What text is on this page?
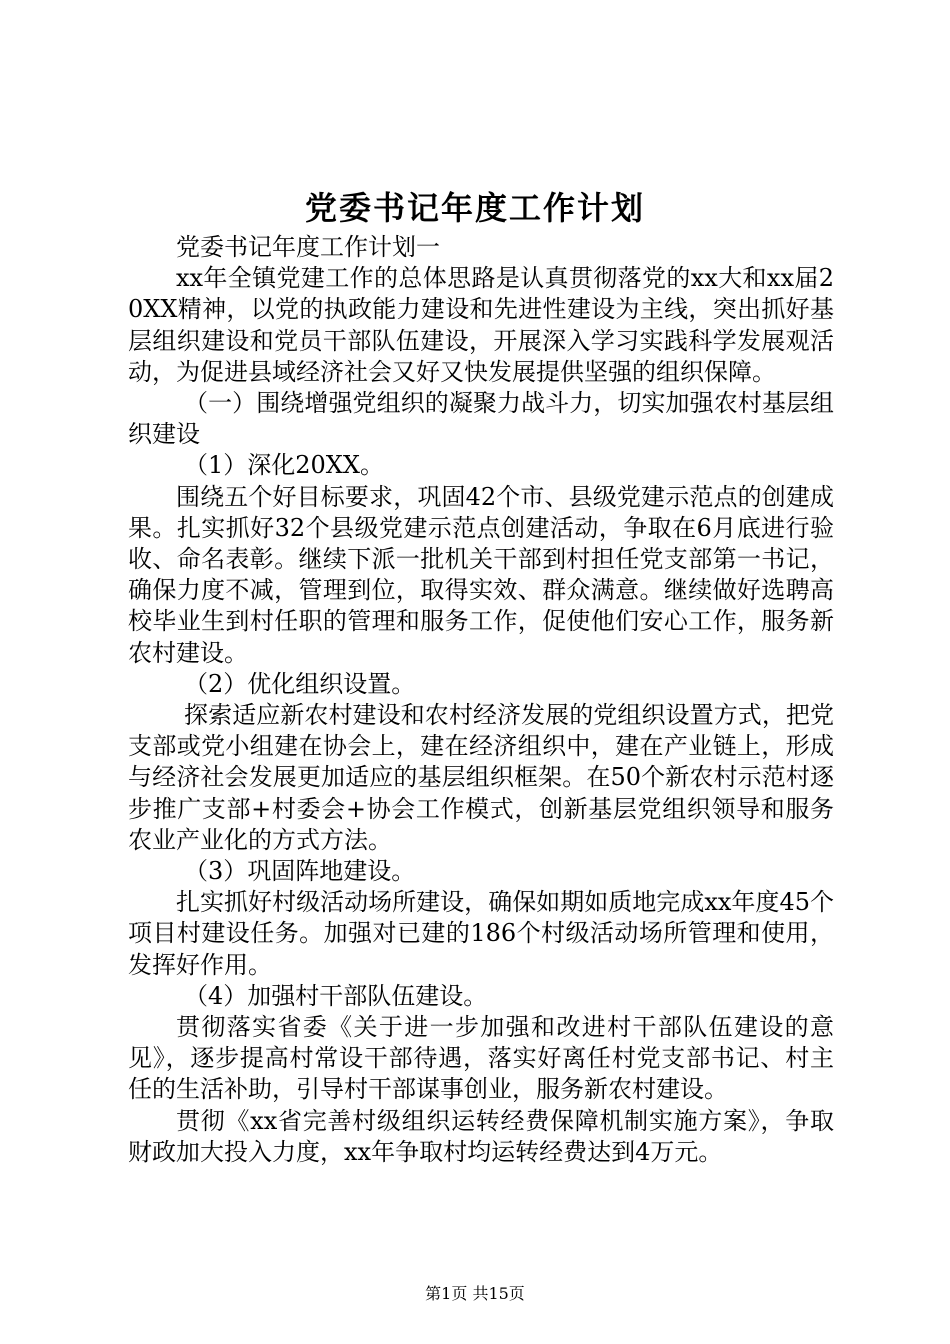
党委书记年度工作计划

党委书记年度工作计划一

xx年全镇党建工作的总体思路是认真贯彻落党的xx大和xx届20XX精神，以党的执政能力建设和先进性建设为主线，突出抓好基层组织建设和党员干部队伍建设，开展深入学习实践科学发展观活动，为促进县域经济社会又好又快发展提供坚强的组织保障。

（一）围绕增强党组织的凝聚力战斗力，切实加强农村基层组织建设

（1）深化20XX。

围绕五个好目标要求，巩固42个市、县级党建示范点的创建成果。扎实抓好32个县级党建示范点创建活动，争取在6月底进行验收、命名表彰。继续下派一批机关干部到村担任党支部第一书记，确保力度不减，管理到位，取得实效、群众满意。继续做好选聘高校毕业生到村任职的管理和服务工作，促使他们安心工作，服务新农村建设。

（2）优化组织设置。

探索适应新农村建设和农村经济发展的党组织设置方式，把党支部或党小组建在协会上，建在经济组织中，建在产业链上，形成与经济社会发展更加适应的基层组织框架。在50个新农村示范村逐步推广支部+村委会+协会工作模式，创新基层党组织领导和服务农业产业化的方式方法。

（3）巩固阵地建设。

扎实抓好村级活动场所建设，确保如期如质地完成xx年度45个项目村建设任务。加强对已建的186个村级活动场所管理和使用，发挥好作用。

（4）加强村干部队伍建设。

贯彻落实省委《关于进一步加强和改进村干部队伍建设的意见》，逐步提高村常设干部待遇，落实好离任村党支部书记、村主任的生活补助，引导村干部谋事创业，服务新农村建设。

贯彻《xx省完善村级组织运转经费保障机制实施方案》，争取财政加大投入力度，xx年争取村均运转经费达到4万元。

第1页 共15页
